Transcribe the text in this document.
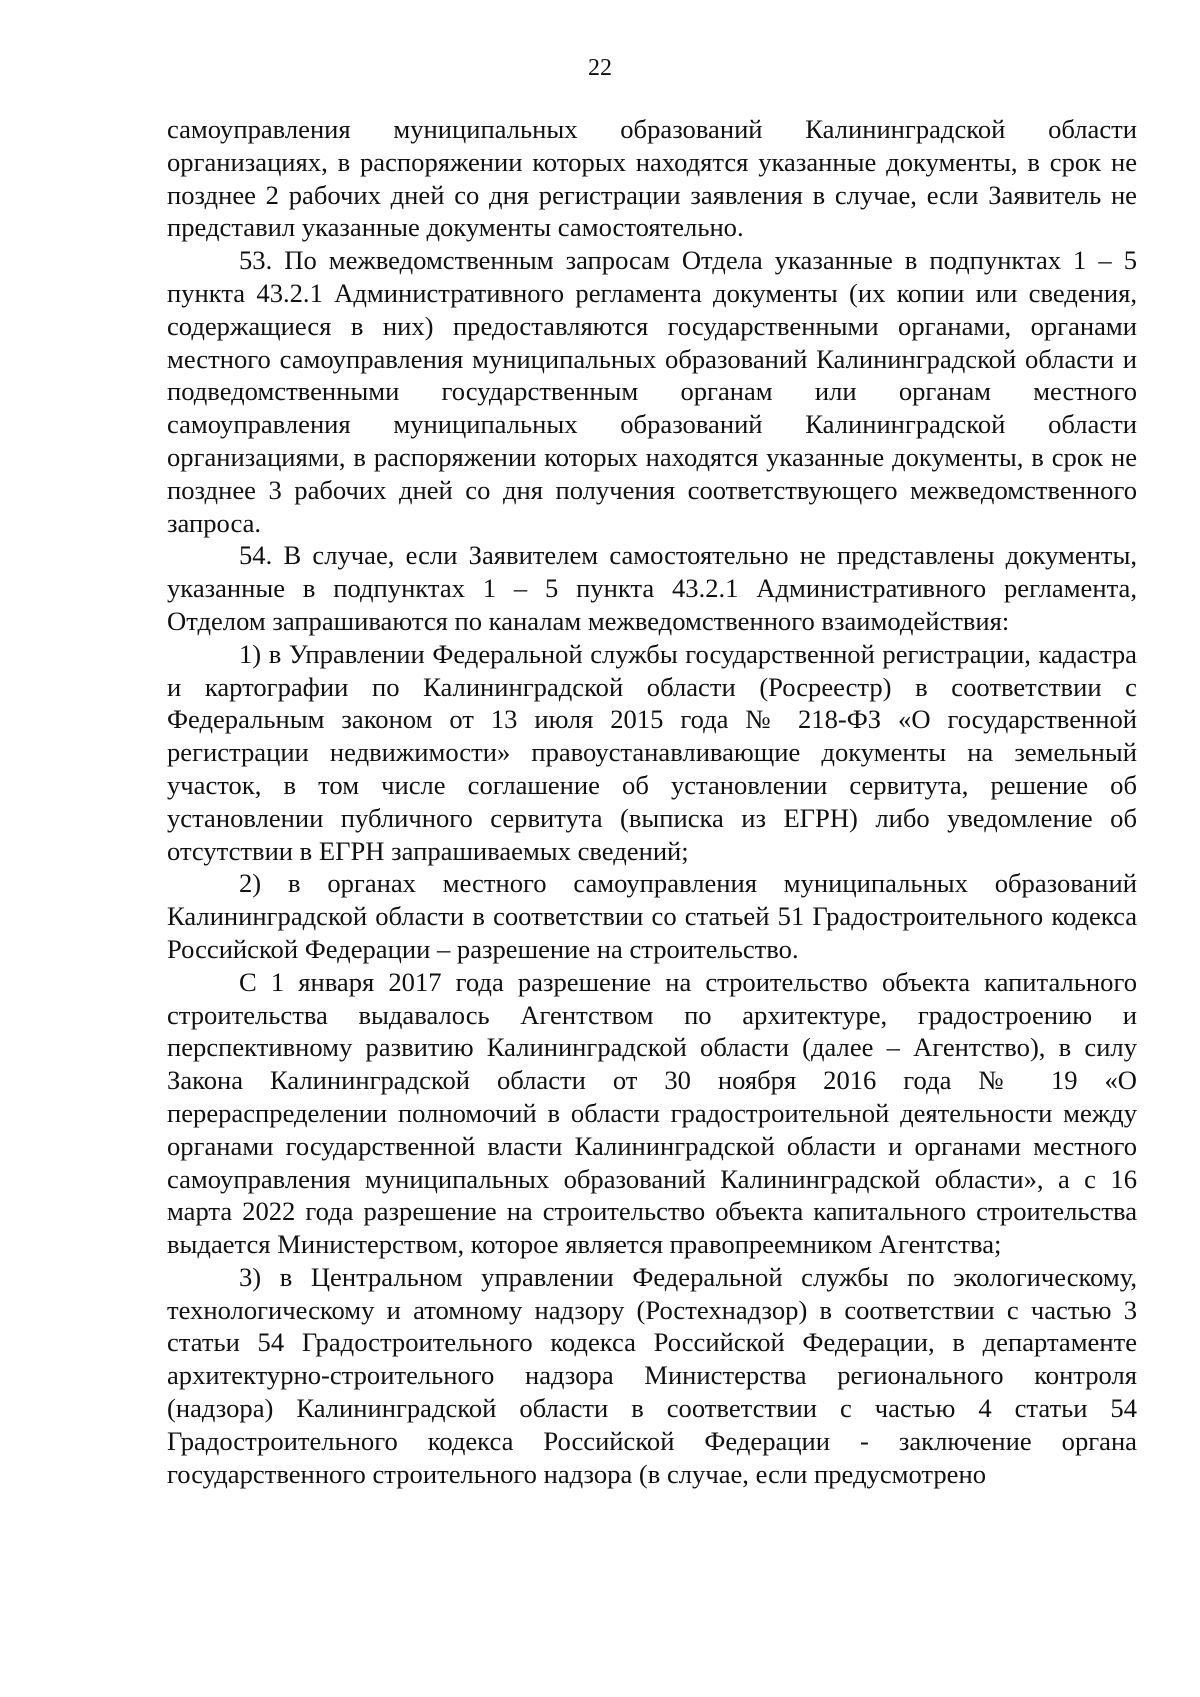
22

самоуправления муниципальных образований Калининградской области организациях, в распоряжении которых находятся указанные документы, в срок не позднее 2 рабочих дней со дня регистрации заявления в случае, если Заявитель не представил указанные документы самостоятельно.

53. По межведомственным запросам Отдела указанные в подпунктах 1 – 5 пункта 43.2.1 Административного регламента документы (их копии или сведения, содержащиеся в них) предоставляются государственными органами, органами местного самоуправления муниципальных образований Калининградской области и подведомственными государственным органам или органам местного самоуправления муниципальных образований Калининградской области организациями, в распоряжении которых находятся указанные документы, в срок не позднее 3 рабочих дней со дня получения соответствующего межведомственного запроса.

54. В случае, если Заявителем самостоятельно не представлены документы, указанные в подпунктах 1 – 5 пункта 43.2.1 Административного регламента, Отделом запрашиваются по каналам межведомственного взаимодействия:

1) в Управлении Федеральной службы государственной регистрации, кадастра и картографии по Калининградской области (Росреестр) в соответствии с Федеральным законом от 13 июля 2015 года № 218-ФЗ «О государственной регистрации недвижимости» правоустанавливающие документы на земельный участок, в том числе соглашение об установлении сервитута, решение об установлении публичного сервитута (выписка из ЕГРН) либо уведомление об отсутствии в ЕГРН запрашиваемых сведений;

2) в органах местного самоуправления муниципальных образований Калининградской области в соответствии со статьей 51 Градостроительного кодекса Российской Федерации – разрешение на строительство.

С 1 января 2017 года разрешение на строительство объекта капитального строительства выдавалось Агентством по архитектуре, градостроению и перспективному развитию Калининградской области (далее – Агентство), в силу Закона Калининградской области от 30 ноября 2016 года № 19 «О перераспределении полномочий в области градостроительной деятельности между органами государственной власти Калининградской области и органами местного самоуправления муниципальных образований Калининградской области», а с 16 марта 2022 года разрешение на строительство объекта капитального строительства выдается Министерством, которое является правопреемником Агентства;

3) в Центральном управлении Федеральной службы по экологическому, технологическому и атомному надзору (Ростехнадзор) в соответствии с частью 3 статьи 54 Градостроительного кодекса Российской Федерации, в департаменте архитектурно-строительного надзора Министерства регионального контроля (надзора) Калининградской области в соответствии с частью 4 статьи 54 Градостроительного кодекса Российской Федерации - заключение органа государственного строительного надзора (в случае, если предусмотрено
